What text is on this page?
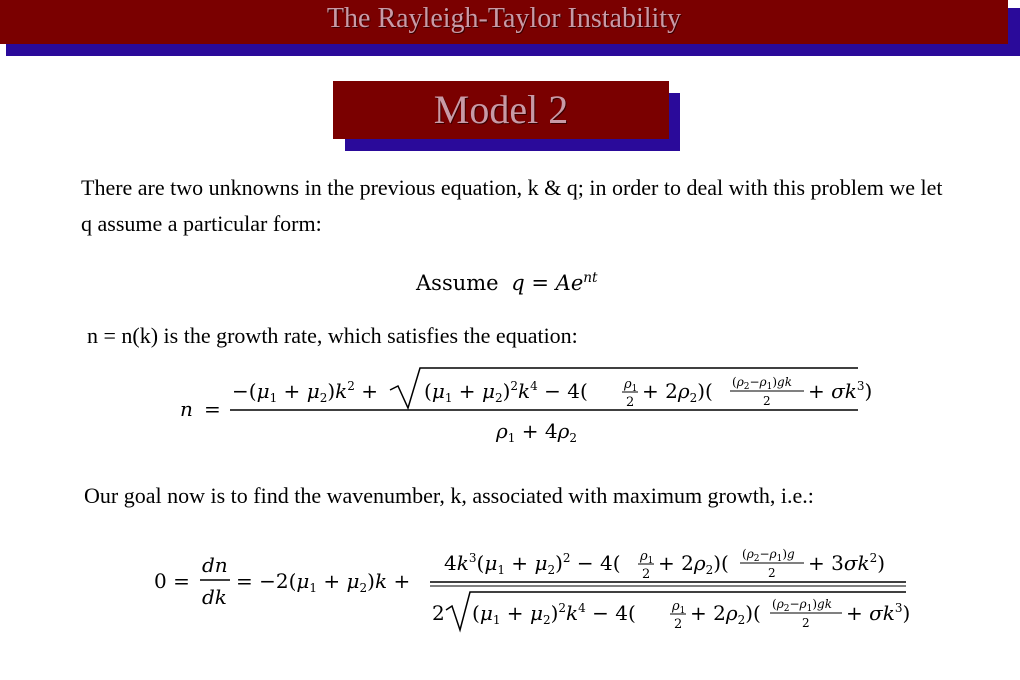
The Rayleigh-Taylor Instability
Model 2
There are two unknowns in the previous equation, k & q; in order to deal with this problem we let q assume a particular form:
Assume $q = Ae^{nt}$
n = n(k) is the growth rate, which satisfies the equation:
n =
$-(\mu_1 + \mu_2)k^2 + (\mu_1 + \mu_2)^2k^4 - 4$(	$\rho_1$
$2 + 2\rho_2$)( $(\rho_2-\rho_1)gk$
$2 + \sigma k^3$)
$\rho_1 + 4\rho_2$
Our goal now is to find the wavenumber, k, associated with maximum growth, i.e.:
0 =
dn
dk
= $-2(\mu_1 + \mu_2)k$ +
$4k^3(\mu_1 + \mu_2)^2 - 4$( $\rho_1$
$2 + 2\rho_2$)( $(\rho_2-\rho_1)g$
$2 + 3\sigma k^2$)
2 $(\mu_1 + \mu_2)^2k^4 - 4$(	$\rho_1$
$2 + 2\rho_2$)( $(\rho_2-\rho_1)gk$
$2 + \sigma k^3$)
